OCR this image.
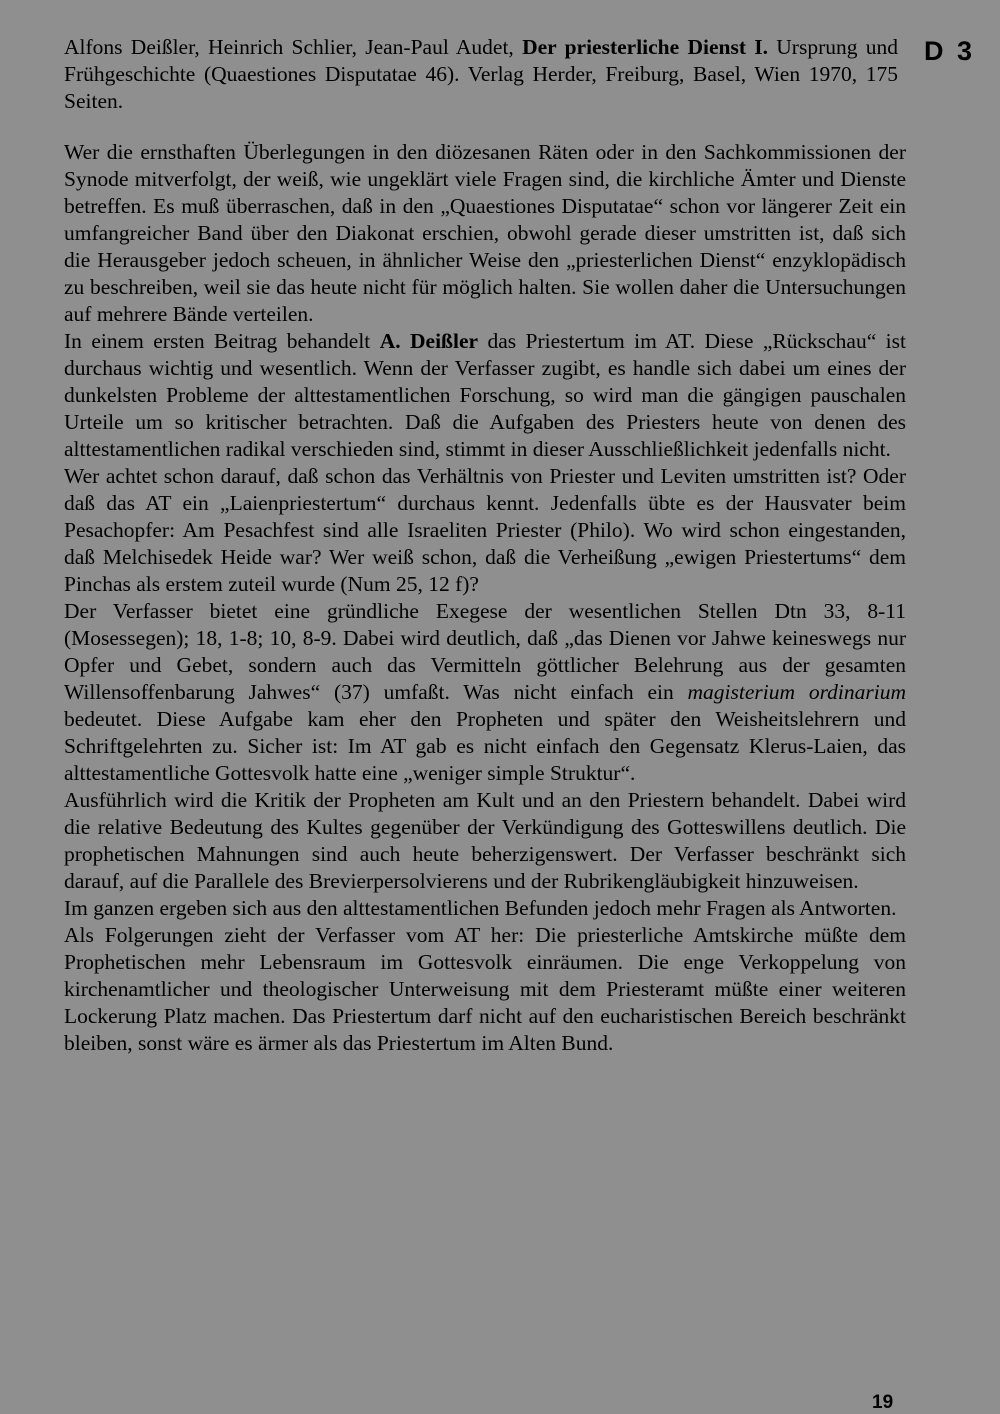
D 3

Alfons Deißler, Heinrich Schlier, Jean-Paul Audet, Der priesterliche Dienst I. Ursprung und Frühgeschichte (Quaestiones Disputatae 46). Verlag Herder, Freiburg, Basel, Wien 1970, 175 Seiten.

Wer die ernsthaften Überlegungen in den diözesanen Räten oder in den Sachkommissionen der Synode mitverfolgt, der weiß, wie ungeklärt viele Fragen sind, die kirchliche Ämter und Dienste betreffen. Es muß überraschen, daß in den „Quaestiones Disputatae“ schon vor längerer Zeit ein umfangreicher Band über den Diakonat erschien, obwohl gerade dieser umstritten ist, daß sich die Herausgeber jedoch scheuen, in ähnlicher Weise den „priesterlichen Dienst“ enzyklopädisch zu beschreiben, weil sie das heute nicht für möglich halten. Sie wollen daher die Untersuchungen auf mehrere Bände verteilen.

In einem ersten Beitrag behandelt A. Deißler das Priestertum im AT. Diese „Rückschau“ ist durchaus wichtig und wesentlich. Wenn der Verfasser zugibt, es handle sich dabei um eines der dunkelsten Probleme der alttestamentlichen Forschung, so wird man die gängigen pauschalen Urteile um so kritischer betrachten. Daß die Aufgaben des Priesters heute von denen des alttestamentlichen radikal verschieden sind, stimmt in dieser Ausschließlichkeit jedenfalls nicht.

Wer achtet schon darauf, daß schon das Verhältnis von Priester und Leviten umstritten ist? Oder daß das AT ein „Laienpriestertum“ durchaus kennt. Jedenfalls übte es der Hausvater beim Pesachopfer: Am Pesachfest sind alle Israeliten Priester (Philo). Wo wird schon eingestanden, daß Melchisedek Heide war? Wer weiß schon, daß die Verheißung „ewigen Priestertums“ dem Pinchas als erstem zuteil wurde (Num 25, 12 f)?

Der Verfasser bietet eine gründliche Exegese der wesentlichen Stellen Dtn 33, 8-11 (Mosessegen); 18, 1-8; 10, 8-9. Dabei wird deutlich, daß „das Dienen vor Jahwe keineswegs nur Opfer und Gebet, sondern auch das Vermitteln göttlicher Belehrung aus der gesamten Willensoffenbarung Jahwes“ (37) umfaßt. Was nicht einfach ein magisterium ordinarium bedeutet. Diese Aufgabe kam eher den Propheten und später den Weisheitslehrern und Schriftgelehrten zu. Sicher ist: Im AT gab es nicht einfach den Gegensatz Klerus-Laien, das alttestamentliche Gottesvolk hatte eine „weniger simple Struktur“.

Ausführlich wird die Kritik der Propheten am Kult und an den Priestern behandelt. Dabei wird die relative Bedeutung des Kultes gegenüber der Verkündigung des Gotteswillens deutlich. Die prophetischen Mahnungen sind auch heute beherzigenswert. Der Verfasser beschränkt sich darauf, auf die Parallele des Brevierpersolvierens und der Rubrikengläubigkeit hinzuweisen.

Im ganzen ergeben sich aus den alttestamentlichen Befunden jedoch mehr Fragen als Antworten.

Als Folgerungen zieht der Verfasser vom AT her: Die priesterliche Amtskirche müßte dem Prophetischen mehr Lebensraum im Gottesvolk einräumen. Die enge Verkoppelung von kirchenamtlicher und theologischer Unterweisung mit dem Priesteramt müßte einer weiteren Lockerung Platz machen. Das Priestertum darf nicht auf den eucharistischen Bereich beschränkt bleiben, sonst wäre es ärmer als das Priestertum im Alten Bund.

19
